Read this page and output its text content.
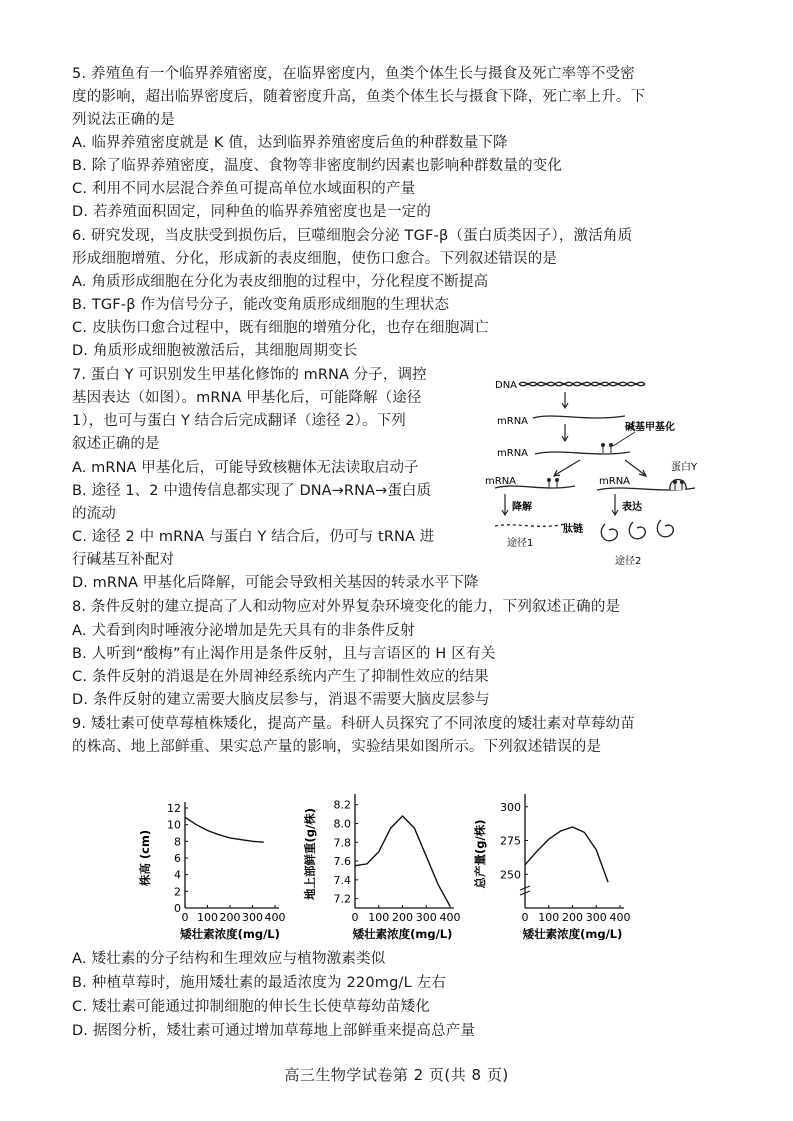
5. 养殖鱼有一个临界养殖密度，在临界密度内，鱼类个体生长与摄食及死亡率等不受密
度的影响，超出临界密度后，随着密度升高，鱼类个体生长与摄食下降，死亡率上升。下
列说法正确的是
A. 临界养殖密度就是 K 值，达到临界养殖密度后鱼的种群数量下降
B. 除了临界养殖密度，温度、食物等非密度制约因素也影响种群数量的变化
C. 利用不同水层混合养鱼可提高单位水域面积的产量
D. 若养殖面积固定，同种鱼的临界养殖密度也是一定的
6. 研究发现，当皮肤受到损伤后，巨噬细胞会分泌 TGF-β（蛋白质类因子），激活角质
形成细胞增殖、分化，形成新的表皮细胞，使伤口愈合。下列叙述错误的是
A. 角质形成细胞在分化为表皮细胞的过程中，分化程度不断提高
B. TGF-β 作为信号分子，能改变角质形成细胞的生理状态
C. 皮肤伤口愈合过程中，既有细胞的增殖分化，也存在细胞凋亡
D. 角质形成细胞被激活后，其细胞周期变长
7. 蛋白 Y 可识别发生甲基化修饰的 mRNA 分子，调控
基因表达（如图）。mRNA 甲基化后，可能降解（途径
1），也可与蛋白 Y 结合后完成翻译（途径 2）。下列
叙述正确的是
A. mRNA 甲基化后，可能导致核糖体无法读取启动子
B. 途径 1、2 中遗传信息都实现了 DNA→RNA→蛋白质
的流动
C. 途径 2 中 mRNA 与蛋白 Y 结合后，仍可与 tRNA 进
行碱基互补配对
D. mRNA 甲基化后降解，可能会导致相关基因的转录水平下降
DNA
mRNA
碱基甲基化
mRNA
mRNA	mRNA
蛋白Y
降解
途径1
表达
肽链
途径2
8. 条件反射的建立提高了人和动物应对外界复杂环境变化的能力，下列叙述正确的是
A. 犬看到肉时唾液分泌增加是先天具有的非条件反射
B. 人听到“酸梅”有止渴作用是条件反射，且与言语区的 H 区有关
C. 条件反射的消退是在外周神经系统内产生了抑制性效应的结果
D. 条件反射的建立需要大脑皮层参与，消退不需要大脑皮层参与
9. 矮壮素可使草莓植株矮化，提高产量。科研人员探究了不同浓度的矮壮素对草莓幼苗
的株高、地上部鲜重、果实总产量的影响，实验结果如图所示。下列叙述错误的是
0 100 200 300 400
0
2
4
6
8
10
12
矮壮素浓度(mg/L)
株高 (cm)
0 100 200 300 400
7.2
7.4
7.6
7.8
8.0
8.2
矮壮素浓度(mg/L)
地上部鲜重(g/株)
0 100 200 300 400
250
275
300
矮壮素浓度(mg/L)
总产量(g/株)
A. 矮壮素的分子结构和生理效应与植物激素类似
B. 种植草莓时，施用矮壮素的最适浓度为 220mg/L 左右
C. 矮壮素可能通过抑制细胞的伸长生长使草莓幼苗矮化
D. 据图分析，矮壮素可通过增加草莓地上部鲜重来提高总产量
高三生物学试卷第 2 页(共 8 页)
